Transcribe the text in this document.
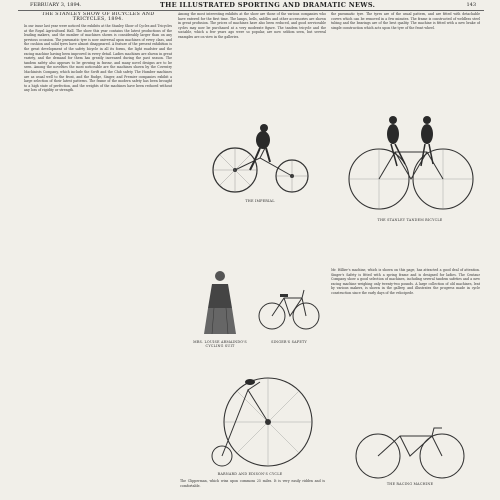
FEBRUARY 3, 1894.	THE ILLUSTRATED SPORTING AND DRAMATIC NEWS.	143
THE STANLEY SHOW OF BICYCLES AND TRICYCLES, 1894.
In our issue last year were noticed the exhibits at the Stanley Show of Cycles and Tricycles at the Royal Agricultural Hall. The show this year contains the latest productions of the leading makers, and the number of machines shown is considerably larger than on any previous occasion. The pneumatic tyre is now universal upon machines of every class, and the cushion and solid tyres have almost disappeared. A feature of the present exhibition is the great development of the safety bicycle in all its forms, the light roadster and the racing machine having been improved in every detail. Ladies machines are shown in great variety, and the demand for them has greatly increased during the past season. The tandem safety also appears to be growing in favour, and many novel designs are to be seen. Among the novelties the most noticeable are the machines shown by the Coventry Machinists Company, which include the Swift and the Club safety. The Humber machines are as usual well to the front, and the Rudge, Singer, and Premier companies exhibit a large selection of their latest patterns. The frame of the modern safety has been brought to a high state of perfection, and the weights of the machines have been reduced without any loss of rigidity or strength.
Among the most interesting exhibits at the show are those of the various companies who have entered for the first time. The lamps, bells, saddles and other accessories are shown in great profusion. The prices of machines have also been reduced, and good serviceable cycles may now be purchased at a very moderate figure. The tandem tricycle and the sociable, which a few years ago were so popular, are now seldom seen, but several examples are on view in the galleries.
the pneumatic tyre. The tyres are of the usual pattern, and are fitted with detachable covers which can be removed in a few minutes. The frame is constructed of weldless steel tubing and the bearings are of the best quality. The machine is fitted with a new brake of simple construction which acts upon the tyre of the front wheel.
Mr. Hillier's machine, which is shown on this page, has attracted a good deal of attention. Singer's Safety is fitted with a spring frame and is designed for ladies. The Centaur Company show a good selection of machines, including several tandem safeties and a new racing machine weighing only twenty-two pounds. A large collection of old machines, lent by various makers, is shown in the gallery, and illustrates the progress made in cycle construction since the early days of the velocipede.
THE IMPERIAL
THE STANLEY TANDEM BICYCLE
MRS. LOUISE ARMAINDO'S CYCLING SUIT
SINGER'S SAFETY
THE RACING MACHINE
BARNARD AND EDISON'S CYCLE
The Clipperman, which wins upon commons 25 miles. It is very easily ridden and is comfortable.
